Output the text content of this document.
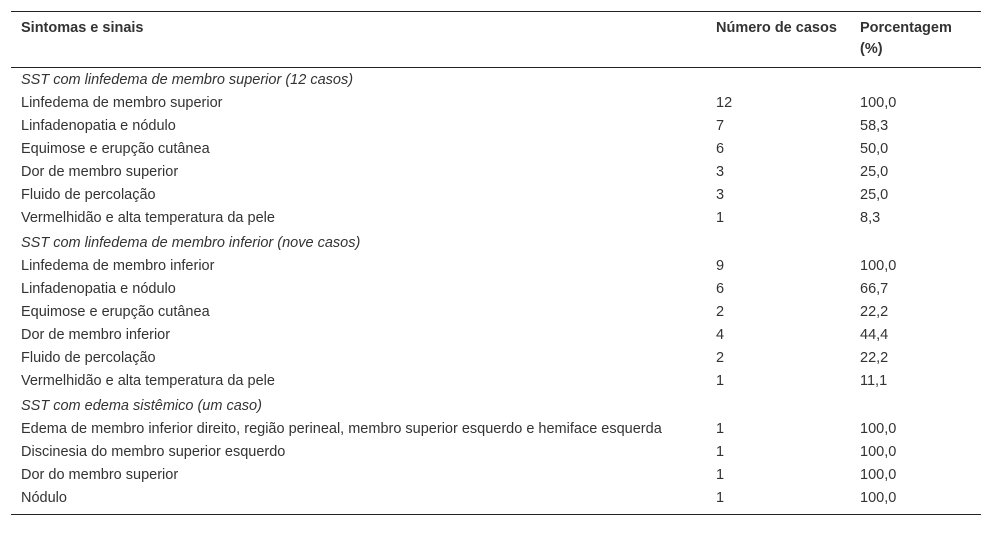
Sintomas e sinais	Número de casos	Porcentagem (%)
SST com linfedema de membro superior (12 casos)		
Linfedema de membro superior	12	100,0
Linfadenopatia e nódulo	7	58,3
Equimose e erupção cutânea	6	50,0
Dor de membro superior	3	25,0
Fluido de percolação	3	25,0
Vermelhidão e alta temperatura da pele	1	8,3
SST com linfedema de membro inferior (nove casos)		
Linfedema de membro inferior	9	100,0
Linfadenopatia e nódulo	6	66,7
Equimose e erupção cutânea	2	22,2
Dor de membro inferior	4	44,4
Fluido de percolação	2	22,2
Vermelhidão e alta temperatura da pele	1	11,1
SST com edema sistêmico (um caso)		
Edema de membro inferior direito, região perineal, membro superior esquerdo e hemiface esquerda	1	100,0
Discinesia do membro superior esquerdo	1	100,0
Dor do membro superior	1	100,0
Nódulo	1	100,0
